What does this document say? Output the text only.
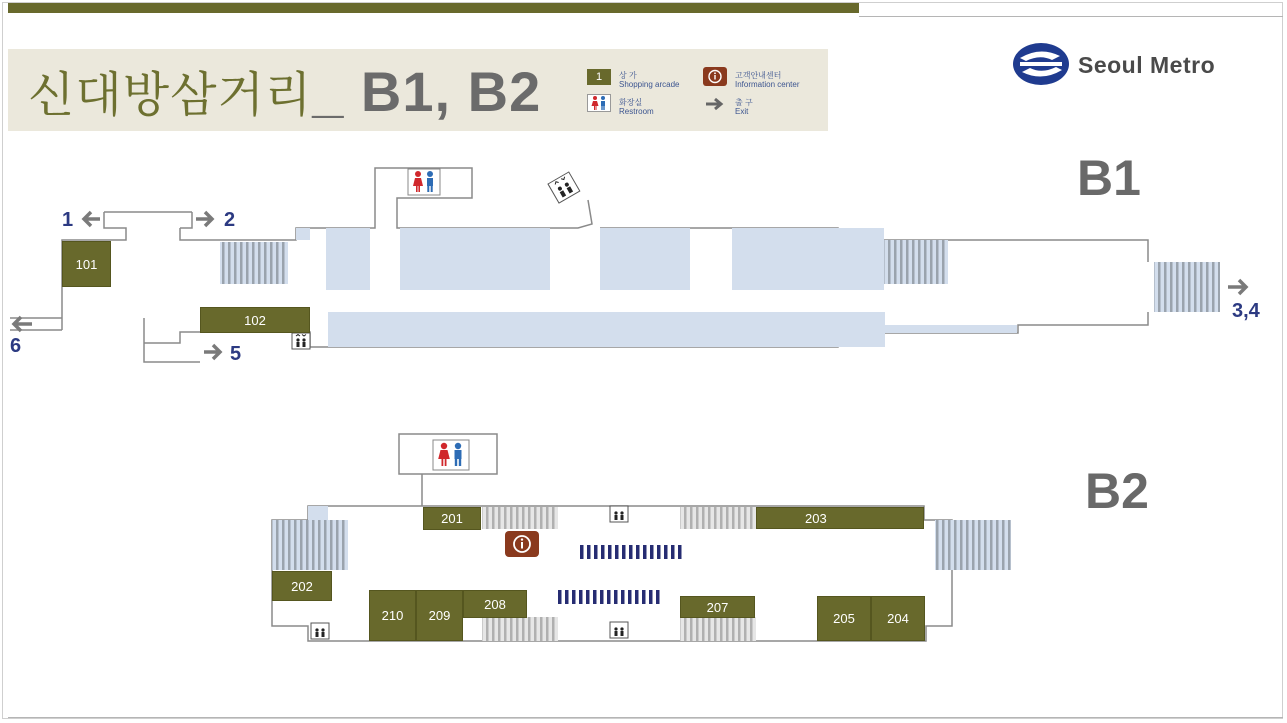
신대방삼거리_ B1, B2	1 상 가
Shopping arcade
화장실
Restroom
고객안내센터
Information center
출 구
Exit
Seoul Metro
B1
B2
101
102
1	2
3,4
5
6
201
202
203
204
205
207
208
209
210
